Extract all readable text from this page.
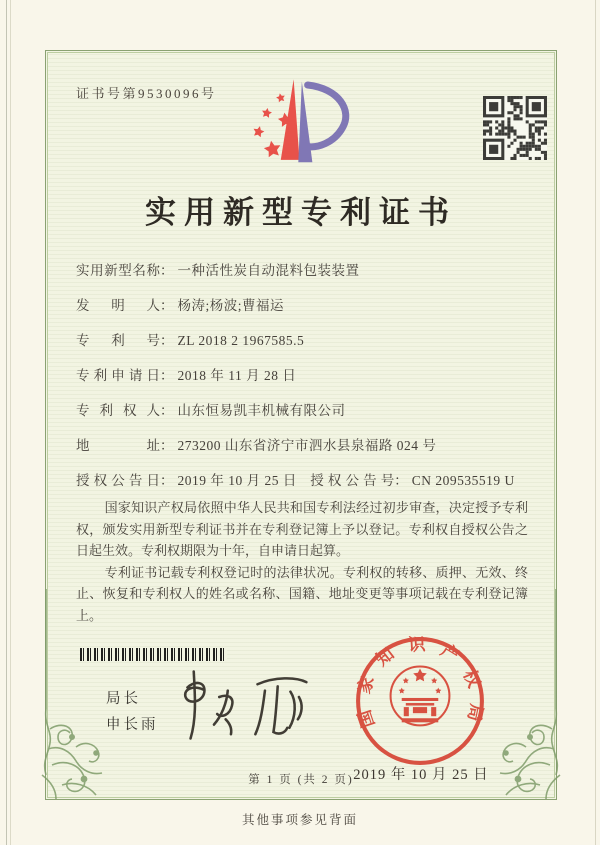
证书号第9530096号
实用新型专利证书
实用新型名称： 一种活性炭自动混料包装装置
发明人： 杨涛;杨波;曹福运
专利号： ZL 2018 2 1967585.5
专利申请日： 2018 年 11 月 28 日
专利权人： 山东恒易凯丰机械有限公司
地址： 273200 山东省济宁市泗水县泉福路 024 号
授权公告日： 2019 年 10 月 25 日 授权公告号： CN 209535519 U

国家知识产权局依照中华人民共和国专利法经过初步审查，决定授予专利权，颁发实用新型专利证书并在专利登记簿上予以登记。专利权自授权公告之日起生效。专利权期限为十年，自申请日起算。

专利证书记载专利权登记时的法律状况。专利权的转移、质押、无效、终止、恢复和专利权人的姓名或名称、国籍、地址变更等事项记载在专利登记簿上。

局长
申长雨	国家知识产权局
2019 年 10 月 25 日
第 1 页 (共 2 页)
其他事项参见背面
